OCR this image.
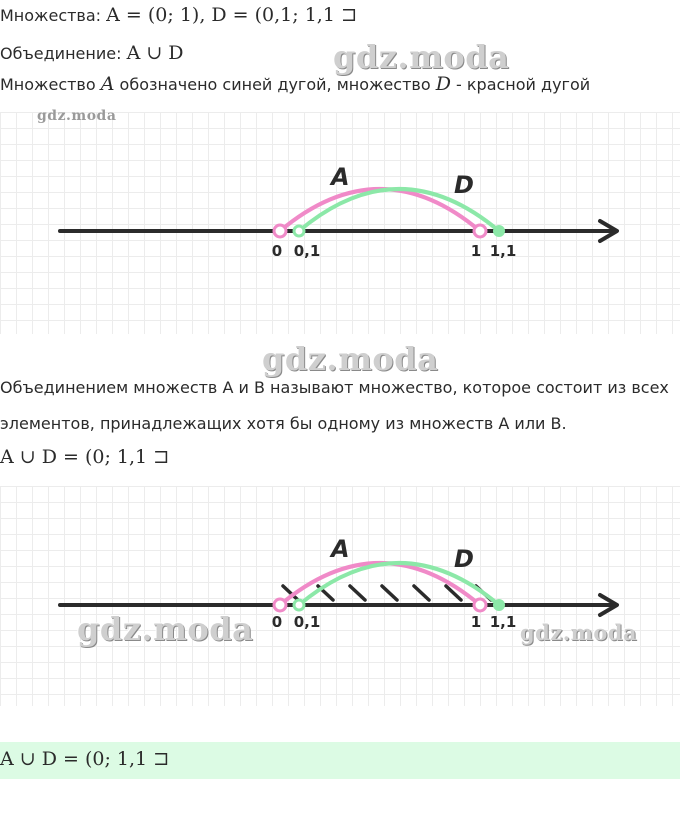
Множества: A = (0; 1), D = (0,1; 1,1 ⊐
Объединение: A ∪ D	gdz.moda
Множество A обозначено синей дугой, множество D - красной дугой
gdz.moda
A	D
0 0,1	1 1,1
gdz.moda
Объединением множеств А и В называют множество, которое состоит из всех
элементов, принадлежащих хотя бы одному из множеств А или В.
A ∪ D = (0; 1,1 ⊐
A	D
0 0,1	1 1,1
gdz.moda	gdz.moda
A ∪ D = (0; 1,1 ⊐
